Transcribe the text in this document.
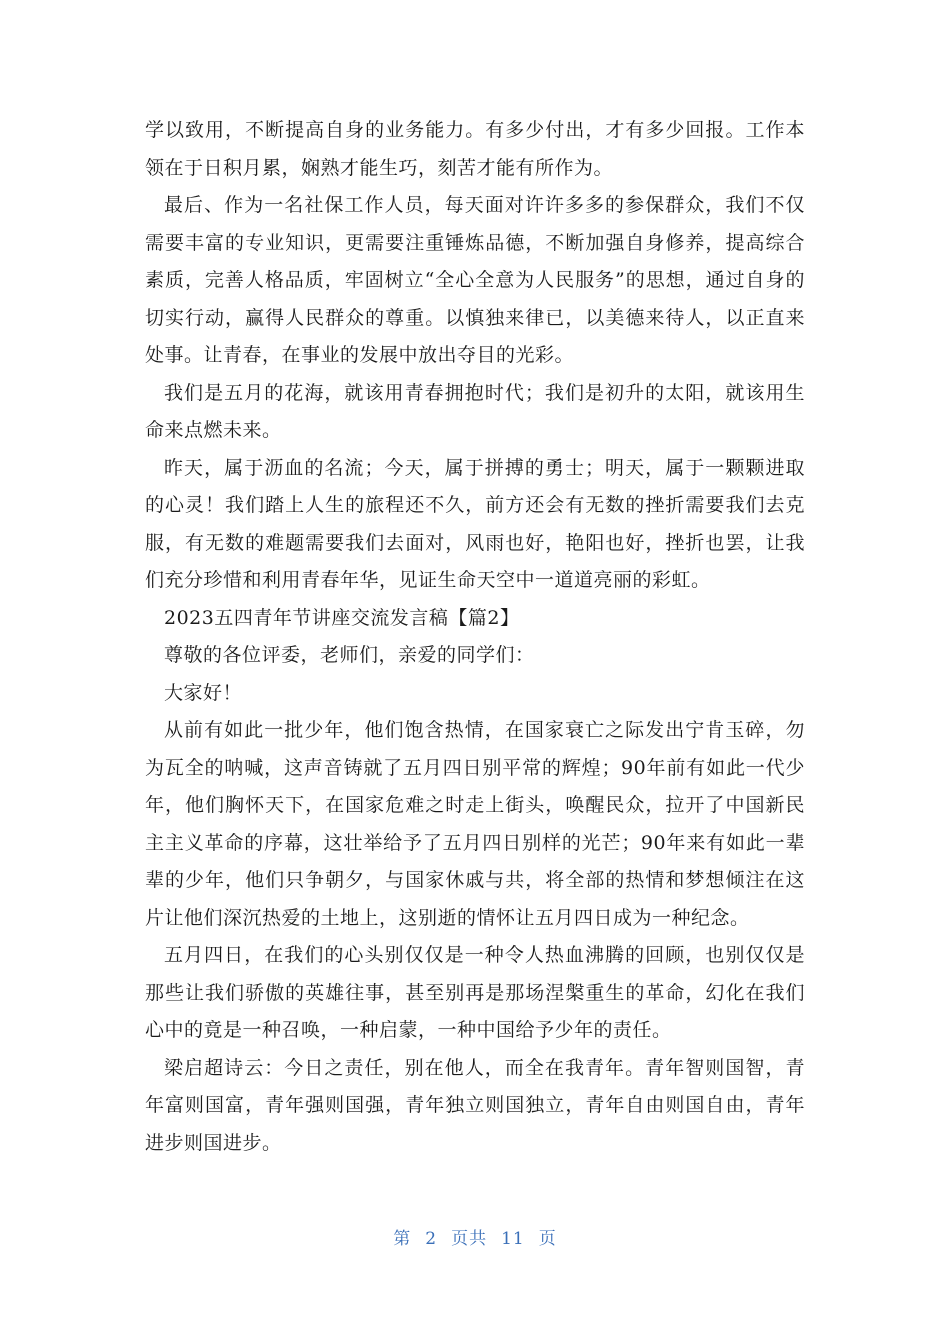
学以致用，不断提高自身的业务能力。有多少付出，才有多少回报。工作本领在于日积月累，娴熟才能生巧，刻苦才能有所作为。

最后、作为一名社保工作人员，每天面对许许多多的参保群众，我们不仅需要丰富的专业知识，更需要注重锤炼品德，不断加强自身修养，提高综合素质，完善人格品质，牢固树立“全心全意为人民服务”的思想，通过自身的切实行动，赢得人民群众的尊重。以慎独来律已，以美德来待人，以正直来处事。让青春，在事业的发展中放出夺目的光彩。

我们是五月的花海，就该用青春拥抱时代；我们是初升的太阳，就该用生命来点燃未来。

昨天，属于沥血的名流；今天，属于拼搏的勇士；明天，属于一颗颗进取的心灵！我们踏上人生的旅程还不久，前方还会有无数的挫折需要我们去克服，有无数的难题需要我们去面对，风雨也好，艳阳也好，挫折也罢，让我们充分珍惜和利用青春年华，见证生命天空中一道道亮丽的彩虹。

2023五四青年节讲座交流发言稿【篇2】

尊敬的各位评委，老师们，亲爱的同学们：

大家好！

从前有如此一批少年，他们饱含热情，在国家衰亡之际发出宁肯玉碎，勿为瓦全的呐喊，这声音铸就了五月四日别平常的辉煌；90年前有如此一代少年，他们胸怀天下，在国家危难之时走上街头，唤醒民众，拉开了中国新民主主义革命的序幕，这壮举给予了五月四日别样的光芒；90年来有如此一辈辈的少年，他们只争朝夕，与国家休戚与共，将全部的热情和梦想倾注在这片让他们深沉热爱的土地上，这别逝的情怀让五月四日成为一种纪念。

五月四日，在我们的心头别仅仅是一种令人热血沸腾的回顾，也别仅仅是那些让我们骄傲的英雄往事，甚至别再是那场涅槃重生的革命，幻化在我们心中的竟是一种召唤，一种启蒙，一种中国给予少年的责任。

梁启超诗云：今日之责任，别在他人，而全在我青年。青年智则国智，青年富则国富，青年强则国强，青年独立则国独立，青年自由则国自由，青年进步则国进步。

第 2 页共 11 页
